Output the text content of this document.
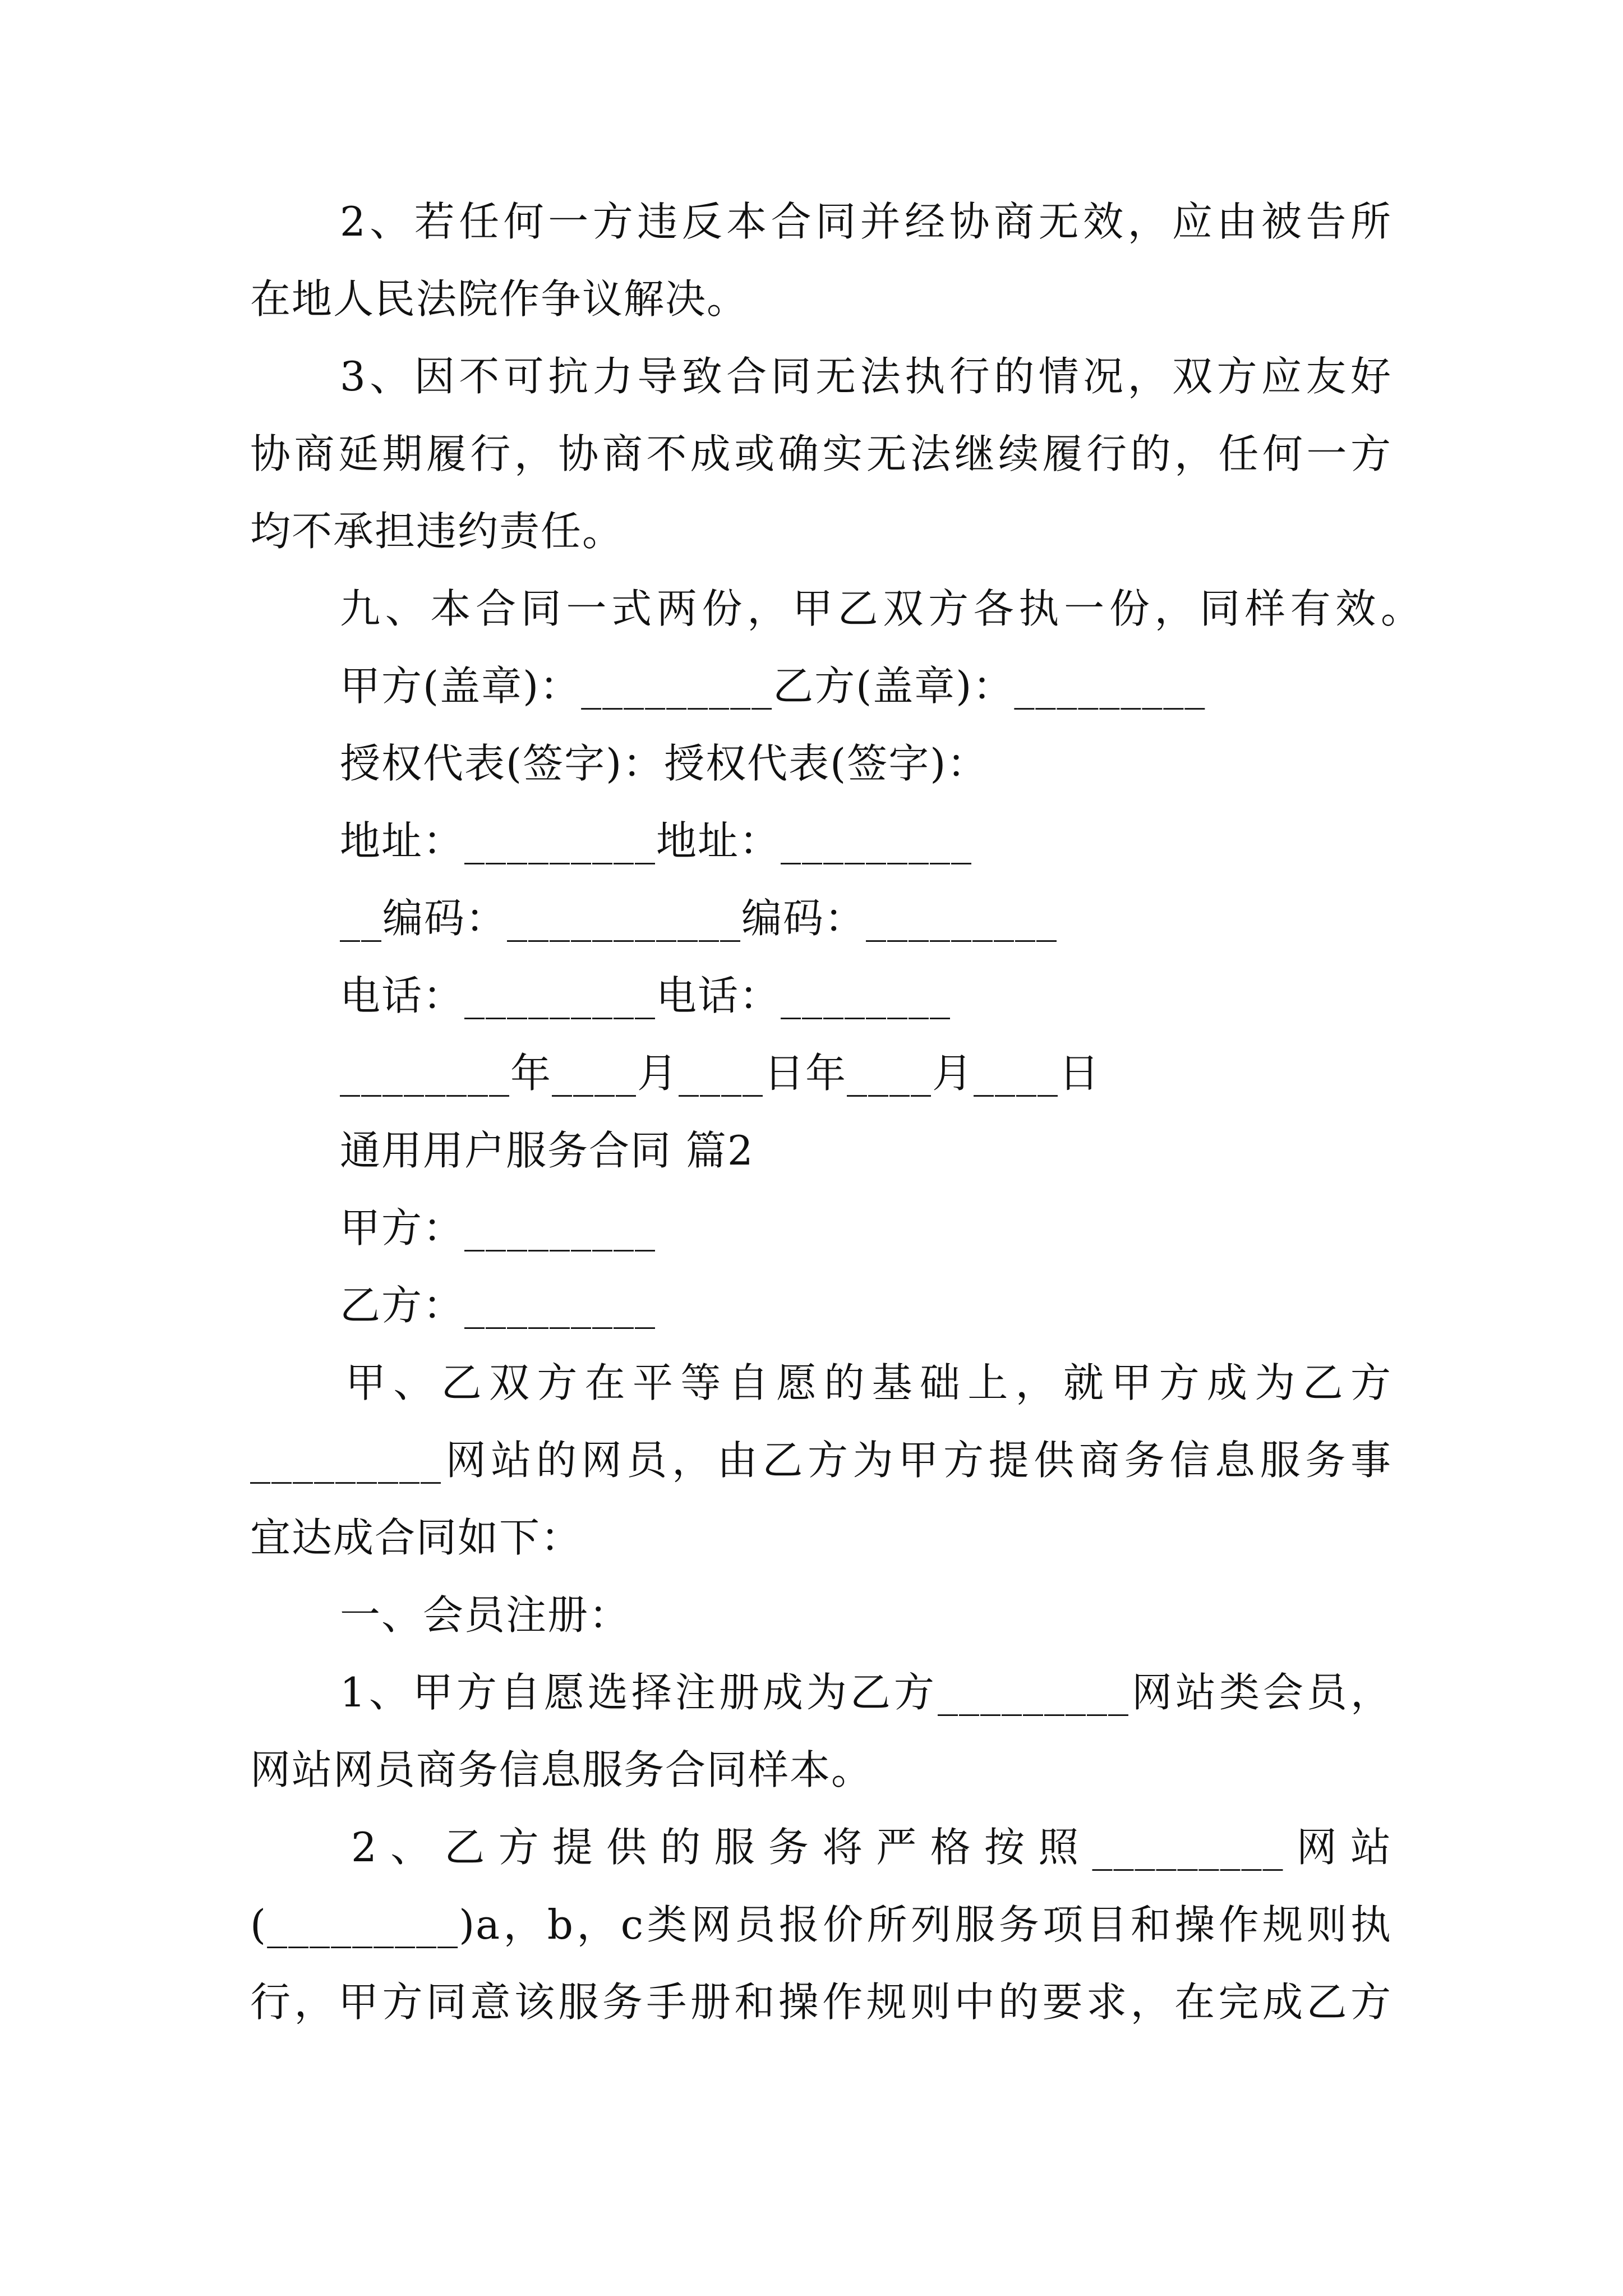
2、若任何一方违反本合同并经协商无效，应由被告所
在地人民法院作争议解决。
3、因不可抗力导致合同无法执行的情况，双方应友好
协商延期履行，协商不成或确实无法继续履行的，任何一方
均不承担违约责任。
九、本合同一式两份，甲乙双方各执一份，同样有效。
甲方(盖章)：_________乙方(盖章)：_________
授权代表(签字)：授权代表(签字)：
地址：_________地址：_________
__编码：___________编码：_________
电话：_________电话：________
________年____月____日年____月____日
通用用户服务合同 篇2
甲方：_________
乙方：_________
甲、乙双方在平等自愿的基础上，就甲方成为乙方
_________网站的网员，由乙方为甲方提供商务信息服务事
宜达成合同如下：
一、会员注册：
1、甲方自愿选择注册成为乙方_________网站类会员，
网站网员商务信息服务合同样本。
2、乙方提供的服务将严格按照_________网站
(_________)a，b，c类网员报价所列服务项目和操作规则执
行，甲方同意该服务手册和操作规则中的要求，在完成乙方
